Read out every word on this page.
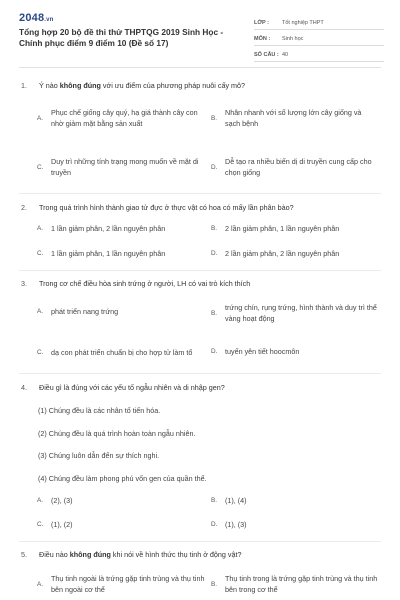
2048.vn
Tổng hợp 20 bộ đề thi thử THPTQG 2019 Sinh Học - Chính phục điểm 9 điểm 10 (Đề số 17)
LỚP :	Tốt nghiệp THPT
MÔN :	Sinh học
SỐ CÂU : 40
1. Ý nào không đúng với ưu điểm của phương pháp nuôi cấy mô?
A.
Phục chế giống cây quý, hạ giá thành cây con nhờ giảm mặt bằng sản xuất
B.
Nhân nhanh với số lượng lớn cây giống và sạch bệnh
C.
Duy trì những tính trạng mong muốn về mặt di truyền
D.
Dễ tạo ra nhiều biến dị di truyền cung cấp cho chọn giống
2. Trong quá trình hình thành giao tử đực ở thực vật có hoa có mấy lần phân bào?
A.	1 lần giảm phân, 2 lần nguyên phân	B.	2 lần giảm phân, 1 lần nguyên phân
C.	1 lần giảm phân, 1 lần nguyên phân	D.	2 lần giảm phân, 2 lần nguyên phân
3. Trong cơ chế điều hòa sinh trứng ở người, LH có vai trò kích thích
A.	phát triển nang trứng	B.
trứng chín, rụng trứng, hình thành và duy trì thể vàng hoạt động
C.	dạ con phát triển chuẩn bị cho hợp tử làm tổ	D.	tuyến yên tiết hoocmôn
4. Điều gì là đúng với các yếu tố ngẫu nhiên và di nhập gen?
(1) Chúng đều là các nhân tố tiến hóa.
(2) Chúng đều là quá trình hoàn toàn ngẫu nhiên.
(3) Chúng luôn dẫn đến sự thích nghi.
(4) Chúng đều làm phong phú vốn gen của quần thể.
A.	(2), (3)	B.	(1), (4)
C.	(1), (2)	D.	(1), (3)
5. Điều nào không đúng khi nói về hình thức thụ tinh ở động vật?
A.
Thụ tinh ngoài là trứng gặp tinh trùng và thụ tinh bên ngoài cơ thể
B.
Thụ tinh trong là trứng gặp tinh trùng và thụ tinh bên trong cơ thể
